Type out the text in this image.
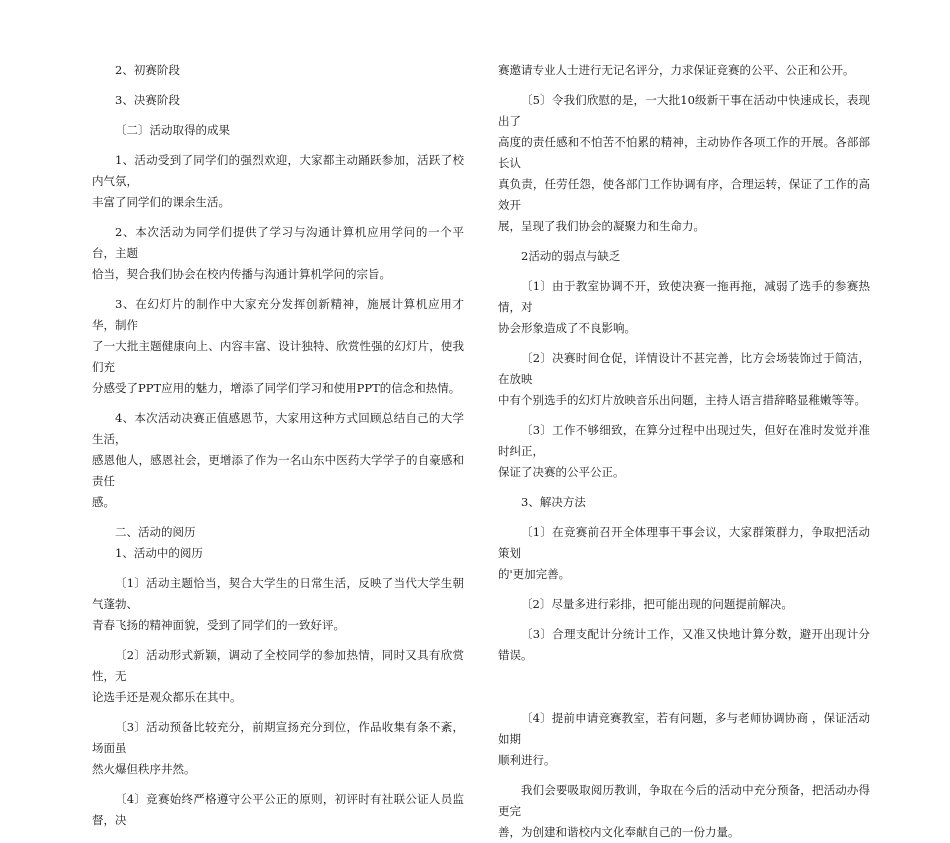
2、初赛阶段

3、决赛阶段

〔二〕活动取得的成果

1、活动受到了同学们的强烈欢迎，大家都主动踊跃参加，活跃了校内气氛，

丰富了同学们的课余生活。

2、本次活动为同学们提供了学习与沟通计算机应用学问的一个平台，主题

恰当，契合我们协会在校内传播与沟通计算机学问的宗旨。

3、在幻灯片的制作中大家充分发挥创新精神，施展计算机应用才华，制作

了一大批主题健康向上、内容丰富、设计独特、欣赏性强的幻灯片，使我们充

分感受了PPT应用的魅力，增添了同学们学习和使用PPT的信念和热情。

4、本次活动决赛正值感恩节，大家用这种方式回顾总结自己的大学生活，

感恩他人，感恩社会，更增添了作为一名山东中医药大学学子的自豪感和责任

感。

二、活动的阅历

1、活动中的阅历

〔1〕活动主题恰当，契合大学生的日常生活，反映了当代大学生朝气蓬勃、

青春飞扬的精神面貌，受到了同学们的一致好评。

〔2〕活动形式新颖，调动了全校同学的参加热情，同时又具有欣赏性，无

论选手还是观众都乐在其中。

〔3〕活动预备比较充分，前期宣扬充分到位，作品收集有条不紊，场面虽

然火爆但秩序井然。

〔4〕竞赛始终严格遵守公平公正的原则，初评时有社联公证人员监督，决

赛邀请专业人士进行无记名评分，力求保证竞赛的公平、公正和公开。

〔5〕令我们欣慰的是，一大批10级新干事在活动中快速成长，表现出了

高度的责任感和不怕苦不怕累的精神，主动协作各项工作的开展。各部部长认

真负责，任劳任怨，使各部门工作协调有序，合理运转，保证了工作的高效开

展，呈现了我们协会的凝聚力和生命力。

2活动的弱点与缺乏

〔1〕由于教室协调不开，致使决赛一拖再拖，减弱了选手的参赛热情，对

协会形象造成了不良影响。

〔2〕决赛时间仓促，详情设计不甚完善，比方会场装饰过于简洁，在放映

中有个别选手的幻灯片放映音乐出问题，主持人语言措辞略显稚嫩等等。

〔3〕工作不够细致，在算分过程中出现过失，但好在准时发觉并准时纠正，

保证了决赛的公平公正。

3、解决方法

〔1〕在竞赛前召开全体理事干事会议，大家群策群力，争取把活动策划

的'更加完善。

〔2〕尽量多进行彩排，把可能出现的问题提前解决。

〔3〕合理支配计分统计工作，又准又快地计算分数，避开出现计分错误。

〔4〕提前申请竞赛教室，若有问题，多与老师协调协商 ，保证活动如期

顺利进行。

我们会要吸取阅历教训，争取在今后的活动中充分预备，把活动办得更完

善，为创建和谐校内文化奉献自己的一份力量。
